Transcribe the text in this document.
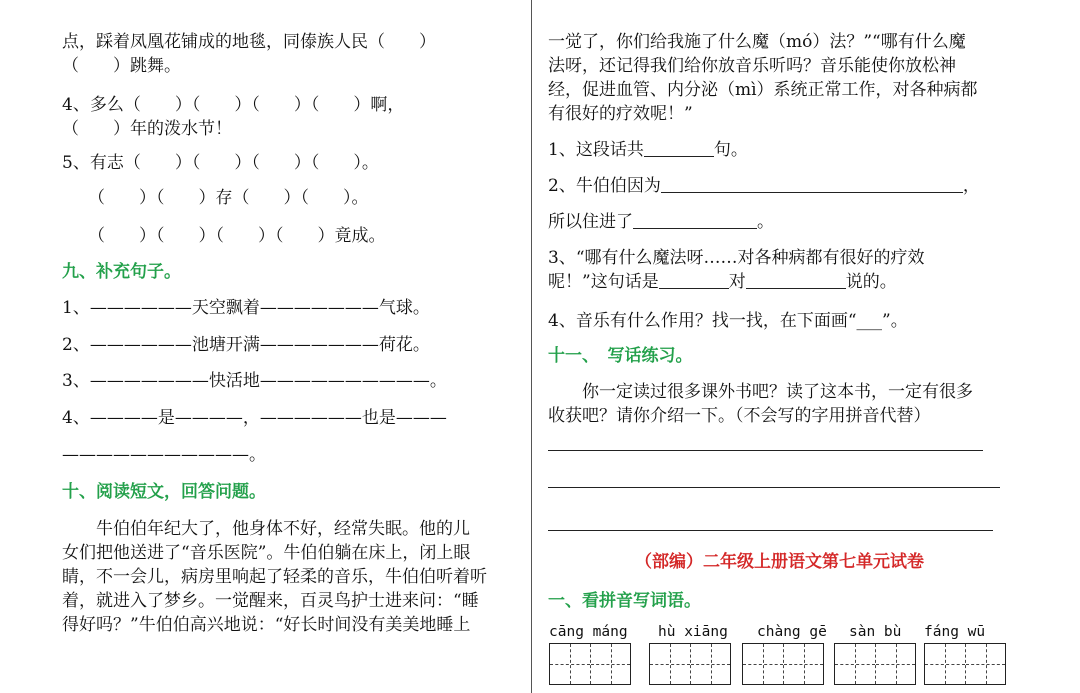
点，踩着凤凰花铺成的地毯，同傣族人民（　　）
（　　）跳舞。
4、多么（　　）（　　）（　　）（　　）啊，
（　　）年的泼水节！
5、有志（　　）（　　）（　　）（　　）。
（　　）（　　）存（　　）（　　）。
（　　）（　　）（　　）（　　）竟成。
九、补充句子。
1、——————天空飘着———————气球。
2、——————池塘开满———————荷花。
3、———————快活地——————————。
4、————是————，——————也是———
———————————。
十、阅读短文，回答问题。
　　牛伯伯年纪大了，他身体不好，经常失眠。他的儿
女们把他送进了“音乐医院”。牛伯伯躺在床上，闭上眼
睛，不一会儿，病房里响起了轻柔的音乐，牛伯伯听着听
着，就进入了梦乡。一觉醒来，百灵鸟护士进来问：“睡
得好吗？”牛伯伯高兴地说：“好长时间没有美美地睡上
一觉了，你们给我施了什么魔（mó）法？”“哪有什么魔
法呀，还记得我们给你放音乐听吗？音乐能使你放松神
经，促进血管、内分泌（mì）系统正常工作，对各种病都
有很好的疗效呢！”
1、这段话共	句。
2、牛伯伯因为	，
所以住进了	。
3、“哪有什么魔法呀……对各种病都有很好的疗效
呢！”这句话是	对	说的。
4、音乐有什么作用？找一找，在下面画“___”。
十一、　写话练习。
　　你一定读过很多课外书吧？读了这本书，一定有很多
收获吧？请你介绍一下。（不会写的字用拼音代替）
（部编）二年级上册语文第七单元试卷
一、看拼音写词语。
cāng máng hù xiāng chàng gē sàn bù fáng wū
